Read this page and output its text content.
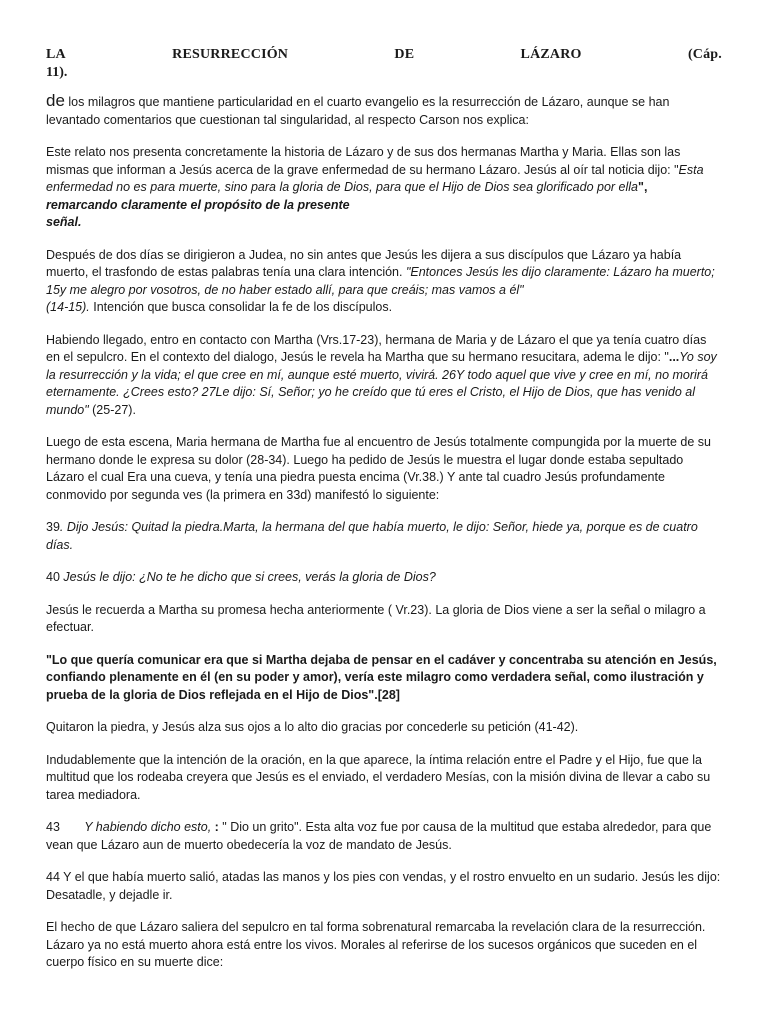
LA	RESURRECCIÓN	DE	LÁZARO	(Cáp.
11).

de los milagros que mantiene particularidad en el cuarto evangelio es la resurrección de Lázaro, aunque se han levantado comentarios que cuestionan tal singularidad, al respecto Carson nos explica:

Este relato nos presenta concretamente la historia de Lázaro y de sus dos hermanas Martha y Maria. Ellas son las mismas que informan a Jesús acerca de la grave enfermedad de su hermano Lázaro. Jesús al oír tal noticia dijo: "Esta enfermedad no es para muerte, sino para la gloria de Dios, para que el Hijo de Dios sea glorificado por ella", remarcando claramente el propósito de la presente
señal.

Después de dos días se dirigieron a Judea, no sin antes que Jesús les dijera a sus discípulos que Lázaro ya había muerto, el trasfondo de estas palabras tenía una clara intención. "Entonces Jesús les dijo claramente: Lázaro ha muerto; 15y me alegro por vosotros, de no haber estado allí, para que creáis; mas vamos a él"
(14-15). Intención que busca consolidar la fe de los discípulos.

Habiendo llegado, entro en contacto con Martha (Vrs.17-23), hermana de Maria y de Lázaro el que ya tenía cuatro días en el sepulcro. En el contexto del dialogo, Jesús le revela ha Martha que su hermano resucitara, adema le dijo: "...Yo soy la resurrección y la vida; el que cree en mí, aunque esté muerto, vivirá. 26Y todo aquel que vive y cree en mí, no morirá eternamente. ¿Crees esto? 27Le dijo: Sí, Señor; yo he creído que tú eres el Cristo, el Hijo de Dios, que has venido al mundo" (25-27).

Luego de esta escena, Maria hermana de Martha fue al encuentro de Jesús totalmente compungida por la muerte de su hermano donde le expresa su dolor (28-34). Luego ha pedido de Jesús le muestra el lugar donde estaba sepultado Lázaro el cual Era una cueva, y tenía una piedra puesta encima (Vr.38.) Y ante tal cuadro Jesús profundamente conmovido por segunda ves (la primera en 33d) manifestó lo siguiente:

39. Dijo Jesús: Quitad la piedra.Marta, la hermana del que había muerto, le dijo: Señor, hiede ya, porque es de cuatro días.

40 Jesús le dijo: ¿No te he dicho que si crees, verás la gloria de Dios?

Jesús le recuerda a Martha su promesa hecha anteriormente ( Vr.23). La gloria de Dios viene a ser la señal o milagro a efectuar.

"Lo que quería comunicar era que si Martha dejaba de pensar en el cadáver y concentraba su atención en Jesús, confiando plenamente en él (en su poder y amor), vería este milagro como verdadera señal, como ilustración y prueba de la gloria de Dios reflejada en el Hijo de Dios".[28]

Quitaron la piedra, y Jesús alza sus ojos a lo alto dio gracias por concederle su petición (41-42).

Indudablemente que la intención de la oración, en la que aparece, la íntima relación entre el Padre y el Hijo, fue que la multitud que los rodeaba creyera que Jesús es el enviado, el verdadero Mesías, con la misión divina de llevar a cabo su tarea mediadora.

43 Y habiendo dicho esto, : " Dio un grito". Esta alta voz fue por causa de la multitud que estaba alrededor, para que vean que Lázaro aun de muerto obedecería la voz de mandato de Jesús.

44 Y el que había muerto salió, atadas las manos y los pies con vendas, y el rostro envuelto en un sudario. Jesús les dijo: Desatadle, y dejadle ir.

El hecho de que Lázaro saliera del sepulcro en tal forma sobrenatural remarcaba la revelación clara de la resurrección. Lázaro ya no está muerto ahora está entre los vivos. Morales al referirse de los sucesos orgánicos que suceden en el cuerpo físico en su muerte dice:
